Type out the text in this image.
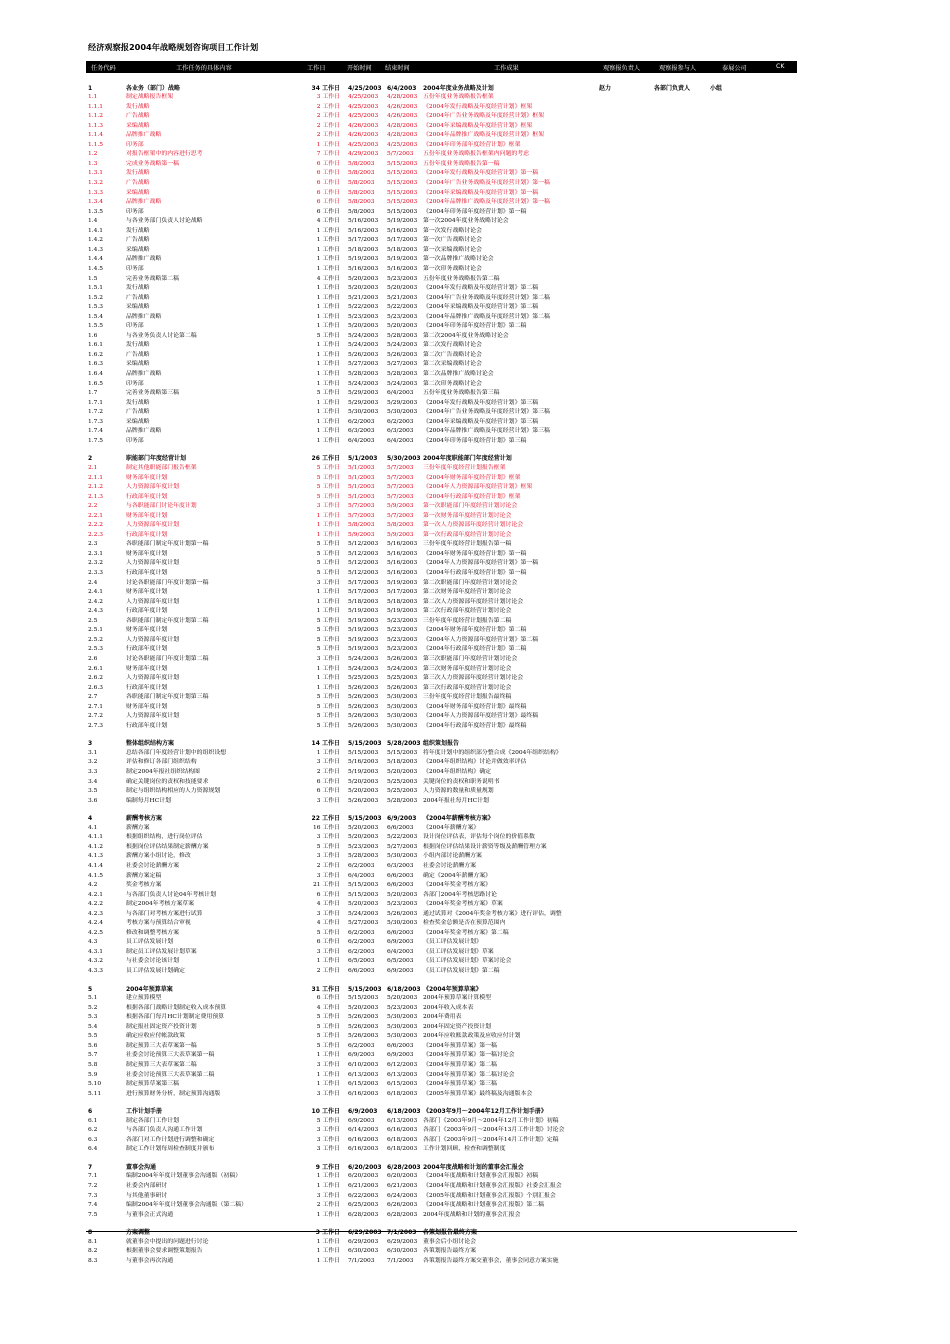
经济观察报2004年战略规划咨询项目工作计划
任务代码	工作任务的具体内容	工作日	开始时间 结束时间	工作成果	观察报负责人	观察报参与人	泰展公司	CK
1	各业务（部门）战略	34 工作日 4/25/2003 6/4/2003 2004年度业务战略及计划	赵力	各部门负责人	小组
1.1	制定战略报告框架	3 工作日 4/25/2003 4/28/2003 五份年度业务战略报告框架
1.1.1	发行战略	2 工作日 4/25/2003 4/26/2003 《2004年发行战略及年度经营计划》框架
1.1.2	广告战略	2 工作日 4/25/2003 4/26/2003 《2004年广告业务战略及年度经营计划》框架
1.1.3	采编战略	2 工作日 4/26/2003 4/28/2003 《2004年采编战略及年度经营计划》框架
1.1.4	品牌推广战略	2 工作日 4/26/2003 4/28/2003 《2004年品牌推广战略及年度经营计划》框架
1.1.5	印务部	1 工作日 4/25/2003 4/25/2003 《2004年印务部年度经营计划》框架
1.2	对报告框架中的内容进行思考	7 工作日 4/29/2003 5/7/2003 五份年度业务战略报告框架内问题的考虑
1.3	完成业务战略第一稿	6 工作日 5/8/2003 5/15/2003 五份年度业务战略报告第一稿
1.3.1	发行战略	6 工作日 5/8/2003 5/15/2003 《2004年发行战略及年度经营计划》第一稿
1.3.2	广告战略	6 工作日 5/8/2003 5/15/2003 《2004年广告业务战略及年度经营计划》第一稿
1.3.3	采编战略	6 工作日 5/8/2003 5/15/2003 《2004年采编战略及年度经营计划》第一稿
1.3.4	品牌推广战略	6 工作日 5/8/2003 5/15/2003 《2004年品牌推广战略及年度经营计划》第一稿
1.3.5	印务部	6 工作日 5/8/2003 5/15/2003 《2004年印务部年度经营计划》第一稿
1.4	与各业务部门负责人讨论战略	4 工作日 5/16/2003 5/19/2003 第一次2004年度业务战略讨论会
1.4.1	发行战略	1 工作日 5/16/2003 5/16/2003 第一次发行战略讨论会
1.4.2	广告战略	1 工作日 5/17/2003 5/17/2003 第一次广告战略讨论会
1.4.3	采编战略	1 工作日 5/18/2003 5/18/2003 第一次采编战略讨论会
1.4.4	品牌推广战略	1 工作日 5/19/2003 5/19/2003 第一次品牌推广战略讨论会
1.4.5	印务部	1 工作日 5/16/2003 5/16/2003 第一次印务战略讨论会
1.5	完善业务战略第二稿	4 工作日 5/20/2003 5/23/2003 五份年度业务战略报告第二稿
1.5.1	发行战略	1 工作日 5/20/2003 5/20/2003 《2004年发行战略及年度经营计划》第二稿
1.5.2	广告战略	1 工作日 5/21/2003 5/21/2003 《2004年广告业务战略及年度经营计划》第二稿
1.5.3	采编战略	1 工作日 5/22/2003 5/22/2003 《2004年采编战略及年度经营计划》第二稿
1.5.4	品牌推广战略	1 工作日 5/23/2003 5/23/2003 《2004年品牌推广战略及年度经营计划》第二稿
1.5.5	印务部	1 工作日 5/20/2003 5/20/2003 《2004年印务部年度经营计划》第二稿
1.6	与各业务负责人讨论第二稿	5 工作日 5/24/2003 5/28/2003 第二次2004年度业务战略讨论会
1.6.1	发行战略	1 工作日 5/24/2003 5/24/2003 第二次发行战略讨论会
1.6.2	广告战略	1 工作日 5/26/2003 5/26/2003 第二次广告战略讨论会
1.6.3	采编战略	1 工作日 5/27/2003 5/27/2003 第二次采编战略讨论会
1.6.4	品牌推广战略	1 工作日 5/28/2003 5/28/2003 第二次品牌推广战略讨论会
1.6.5	印务部	1 工作日 5/24/2003 5/24/2003 第二次印务战略讨论会
1.7	完善业务战略第三稿	5 工作日 5/29/2003 6/4/2003 五份年度业务战略报告第三稿
1.7.1	发行战略	1 工作日 5/29/2003 5/29/2003 《2004年发行战略及年度经营计划》第三稿
1.7.2	广告战略	1 工作日 5/30/2003 5/30/2003 《2004年广告业务战略及年度经营计划》第三稿
1.7.3	采编战略	1 工作日 6/2/2003 6/2/2003 《2004年采编战略及年度经营计划》第三稿
1.7.4	品牌推广战略	1 工作日 6/3/2003 6/3/2003 《2004年品牌推广战略及年度经营计划》第三稿
1.7.5	印务部	1 工作日 6/4/2003 6/4/2003 《2004年印务部年度经营计划》第三稿
2	职能部门年度经营计划	26 工作日 5/1/2003 5/30/2003 2004年度职能部门年度经营计划
2.1	制定其他职能部门报告框架	5 工作日 5/1/2003 5/7/2003 三份年度年度经营计划报告框架
2.1.1	财务部年度计划	5 工作日 5/1/2003 5/7/2003 《2004年财务部年度经营计划》框架
2.1.2	人力资源部年度计划	5 工作日 5/1/2003 5/7/2003 《2004年人力资源部年度经营计划》框架
2.1.3	行政部年度计划	5 工作日 5/1/2003 5/7/2003 《2004年行政部年度经营计划》框架
2.2	与各职能部门讨论年度计划	3 工作日 5/7/2003 5/9/2003 第一次职能部门年度经营计划讨论会
2.2.1	财务部年度计划	1 工作日 5/7/2003 5/7/2003 第一次财务部年度经营计划讨论会
2.2.2	人力资源部年度计划	1 工作日 5/8/2003 5/8/2003 第一次人力资源部年度经营计划讨论会
2.2.3	行政部年度计划	1 工作日 5/9/2003 5/9/2003 第一次行政部年度经营计划讨论会
2.3	各职能部门制定年度计划第一稿	5 工作日 5/12/2003 5/16/2003 三份年度年度经营计划报告第一稿
2.3.1	财务部年度计划	5 工作日 5/12/2003 5/16/2003 《2004年财务部年度经营计划》第一稿
2.3.2	人力资源部年度计划	5 工作日 5/12/2003 5/16/2003 《2004年人力资源部年度经营计划》第一稿
2.3.3	行政部年度计划	5 工作日 5/12/2003 5/16/2003 《2004年行政部年度经营计划》第一稿
2.4	讨论各职能部门年度计划第一稿	3 工作日 5/17/2003 5/19/2003 第二次职能部门年度经营计划讨论会
2.4.1	财务部年度计划	1 工作日 5/17/2003 5/17/2003 第二次财务部年度经营计划讨论会
2.4.2	人力资源部年度计划	1 工作日 5/18/2003 5/18/2003 第二次人力资源部年度经营计划讨论会
2.4.3	行政部年度计划	1 工作日 5/19/2003 5/19/2003 第二次行政部年度经营计划讨论会
2.5	各职能部门制定年度计划第二稿	5 工作日 5/19/2003 5/23/2003 三份年度年度经营计划报告第二稿
2.5.1	财务部年度计划	5 工作日 5/19/2003 5/23/2003 《2004年财务部年度经营计划》第二稿
2.5.2	人力资源部年度计划	5 工作日 5/19/2003 5/23/2003 《2004年人力资源部年度经营计划》第二稿
2.5.3	行政部年度计划	5 工作日 5/19/2003 5/23/2003 《2004年行政部年度经营计划》第二稿
2.6	讨论各职能部门年度计划第二稿	3 工作日 5/24/2003 5/26/2003 第三次职能部门年度经营计划讨论会
2.6.1	财务部年度计划	1 工作日 5/24/2003 5/24/2003 第三次财务部年度经营计划讨论会
2.6.2	人力资源部年度计划	1 工作日 5/25/2003 5/25/2003 第三次人力资源部年度经营计划讨论会
2.6.3	行政部年度计划	1 工作日 5/26/2003 5/26/2003 第三次行政部年度经营计划讨论会
2.7	各职能部门制定年度计划第三稿	5 工作日 5/26/2003 5/30/2003 三份年度年度经营计划报告最终稿
2.7.1	财务部年度计划	5 工作日 5/26/2003 5/30/2003 《2004年财务部年度经营计划》最终稿
2.7.2	人力资源部年度计划	5 工作日 5/26/2003 5/30/2003 《2004年人力资源部年度经营计划》最终稿
2.7.3	行政部年度计划	5 工作日 5/26/2003 5/30/2003 《2004年行政部年度经营计划》最终稿
3	整体组织结构方案	14 工作日 5/15/2003 5/28/2003 组织策划报告
3.1	总结各部门年度经营计划中的组织设想	1 工作日 5/15/2003 5/15/2003 将年度计划中的组织部分整合成《2004年组织结构》
3.2	评估和修订各部门组织结构	3 工作日 5/16/2003 5/18/2003 《2004年组织结构》讨论并做效率评估
3.3	制定2004年报社组织结构图	2 工作日 5/19/2003 5/20/2003 《2004年组织结构》确定
3.4	确定关键岗位的责权和技能要求	6 工作日 5/20/2003 5/25/2003 关键岗位的责权和职务说明书
3.5	制定与组织结构相应的人力资源规划	6 工作日 5/20/2003 5/25/2003 人力资源的数量和质量规划
3.6	编制每月HC计划	3 工作日 5/26/2003 5/28/2003 2004年报社每月HC计划
4	薪酬考核方案	22 工作日 5/15/2003 6/9/2003 《2004年薪酬考核方案》
4.1	薪酬方案	16 工作日 5/20/2003 6/6/2003 《2004年薪酬方案》
4.1.1	根据组织结构，进行岗位评估	3 工作日 5/20/2003 5/22/2003 设计岗位评估表，评估每个岗位的价值系数
4.1.2	根据岗位评估结果制定薪酬方案	5 工作日 5/23/2003 5/27/2003 根据岗位评估结果设计薪资等级及薪酬管理方案
4.1.3	薪酬方案小组讨论，修改	3 工作日 5/28/2003 5/30/2003 小组内部讨论薪酬方案
4.1.4	社委会讨论薪酬方案	2 工作日 6/2/2003 6/3/2003 社委会讨论薪酬方案
4.1.5	薪酬方案定稿	3 工作日 6/4/2003 6/6/2003 确定《2004年薪酬方案》
4.2	奖金考核方案	21 工作日 5/15/2003 6/6/2003 《2004年奖金考核方案》
4.2.1	与各部门负责人讨论04年考核计划	6 工作日 5/15/2003 5/20/2003 各部门2004年考核思路讨论
4.2.2	制定2004年考核方案草案	4 工作日 5/20/2003 5/23/2003 《2004年奖金考核方案》草案
4.2.3	与各部门对考核方案进行试算	3 工作日 5/24/2003 5/26/2003 通过试算对《2004年奖金考核方案》进行评估，调整
4.2.4	考核方案与预算结合审视	4 工作日 5/27/2003 5/30/2003 检查奖金总额是否在预算范围内
4.2.5	修改和调整考核方案	5 工作日 6/2/2003 6/6/2003 《2004年奖金考核方案》第二稿
4.3	员工评估发展计划	6 工作日 6/2/2003 6/9/2003 《员工评估发展计划》
4.3.1	制定员工评估发展计划草案	3 工作日 6/2/2003 6/4/2003 《员工评估发展计划》草案
4.3.2	与社委会讨论该计划	1 工作日 6/5/2003 6/5/2003 《员工评估发展计划》草案讨论会
4.3.3	员工评估发展计划确定	2 工作日 6/6/2003 6/9/2003 《员工评估发展计划》第二稿
5	2004年预算草案	31 工作日 5/15/2003 6/18/2003 《2004年预算草案》
5.1	建立预算模型	6 工作日 5/15/2003 5/20/2003 2004年预算草案计算模型
5.2	根据各部门战略计划制定收入成本预算	4 工作日 5/20/2003 5/23/2003 2004年收入成本表
5.3	根据各部门每月HC计划制定费用预算	5 工作日 5/26/2003 5/30/2003 2004年费用表
5.4	制定报社固定资产投资计划	5 工作日 5/26/2003 5/30/2003 2004年固定资产投资计划
5.5	确定应收应付帐款政策	5 工作日 5/26/2003 5/30/2003 2004年应收账款政策及应收应付计划
5.6	制定预算三大表草案第一稿	5 工作日 6/2/2003 6/6/2003 《2004年预算草案》第一稿
5.7	社委会讨论预算三大表草案第一稿	1 工作日 6/9/2003 6/9/2003 《2004年预算草案》第一稿讨论会
5.8	制定预算三大表草案第二稿	3 工作日 6/10/2003 6/12/2003 《2004年预算草案》第二稿
5.9	社委会讨论预算三大表草案第二稿	1 工作日 6/13/2003 6/13/2003 《2004年预算草案》第二稿讨论会
5.10	制定预算草案第三稿	1 工作日 6/15/2003 6/15/2003 《2004年预算草案》第三稿
5.11	进行预算财务分析，制定预算沟通版	3 工作日 6/16/2003 6/18/2003 《2005年预算草案》最终稿及沟通版本会
6	工作计划手册	10 工作日 6/9/2003 6/18/2003 《2003年9月～2004年12月工作计划手册》
6.1	制定各部门工作计划	5 工作日 6/9/2003 6/13/2003 各部门《2003年9月～2004年12月工作计划》初稿
6.2	与各部门负责人沟通工作计划	3 工作日 6/14/2003 6/16/2003 各部门《2003年9月～2004年13月工作计划》讨论会
6.3	各部门对工作计划进行调整和确定	3 工作日 6/16/2003 6/18/2003 各部门《2003年9月～2004年14月工作计划》定稿
6.4	制定工作计划每周检查制度并颁布	3 工作日 6/16/2003 6/18/2003 工作计划回顾、检查和调整制度
7	董事会沟通	9 工作日 6/20/2003 6/28/2003 2004年度战略和计划的董事会汇报会
7.1	编制2004年年度计划董事会沟通版（初稿）	1 工作日 6/20/2003 6/20/2003 《2004年度战略和计划董事会汇报版》初稿
7.2	社委会内部研讨	1 工作日 6/21/2003 6/21/2003 《2004年度战略和计划董事会汇报版》社委会汇报会
7.3	与其他董事研讨	3 工作日 6/22/2003 6/24/2003 《2005年度战略和计划董事会汇报版》个别汇报会
7.4	编制2004年年度计划董事会沟通版（第二稿）	2 工作日 6/25/2003 6/26/2003 《2004年度战略和计划董事会汇报版》第二稿
7.5	与董事会正式沟通	1 工作日 6/28/2003 6/28/2003 2004年度战略和计划的董事会汇报会
8	方案调整	3 工作日 6/29/2003 7/1/2003 各策划报告最终方案
8.1	就董事会中提出的问题进行讨论	1 工作日 6/29/2003 6/29/2003 董事会后小组讨论会
8.2	根据董事会要求调整策划报告	1 工作日 6/30/2003 6/30/2003 各策划报告最终方案
8.3	与董事会再次沟通	1 工作日 7/1/2003 7/1/2003 各策划报告最终方案交董事会，董事会同意方案实施
